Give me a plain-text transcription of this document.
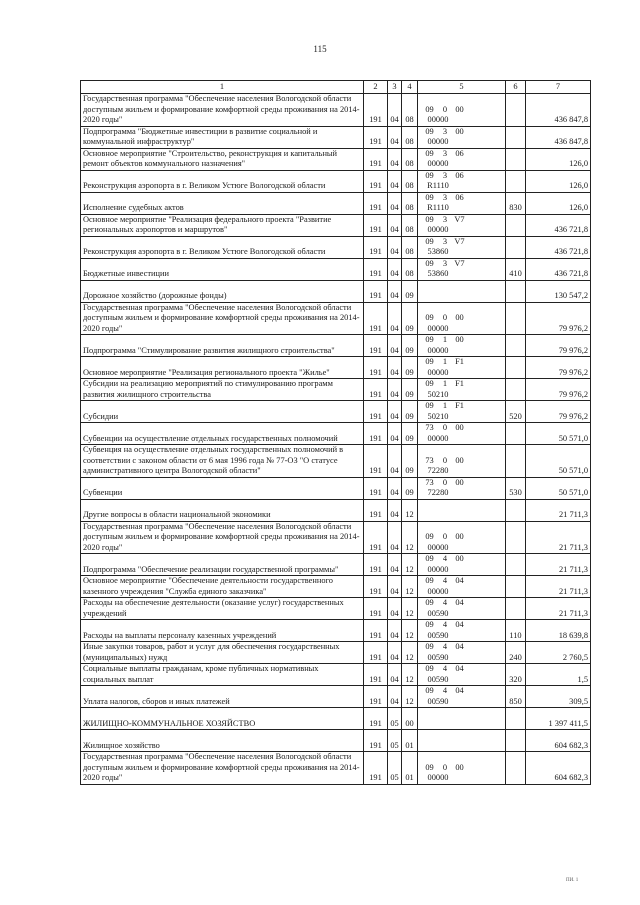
115
1	2	3	4	5	6	7
Государственная программа "Обеспечение населения Вологодской области доступным жильем и формирование комфортной среды проживания на 2014-2020 годы"	191	04	08	09 0 0000000		436 847,8
Подпрограмма "Бюджетные инвестиции в развитие социальной и коммунальной инфраструктур"	191	04	08	09 3 0000000		436 847,8
Основное мероприятие "Строительство, реконструкция и капитальный ремонт объектов коммунального назначения"	191	04	08	09 3 0600000		126,0
Реконструкция аэропорта в г. Великом Устюге Вологодской области	191	04	08	09 3 06R1110		126,0
Исполнение судебных актов	191	04	08	09 3 06R1110	830	126,0
Основное мероприятие "Реализация федерального проекта "Развитие региональных аэропортов и маршрутов"	191	04	08	09 3 V700000		436 721,8
Реконструкция аэропорта в г. Великом Устюге Вологодской области	191	04	08	09 3 V753860		436 721,8
Бюджетные инвестиции	191	04	08	09 3 V753860	410	436 721,8
Дорожное хозяйство (дорожные фонды)	191	04	09			130 547,2
Государственная программа "Обеспечение населения Вологодской области доступным жильем и формирование комфортной среды проживания на 2014-2020 годы"	191	04	09	09 0 0000000		79 976,2
Подпрограмма "Стимулирование развития жилищного строительства"	191	04	09	09 1 0000000		79 976,2
Основное мероприятие "Реализация регионального проекта "Жилье"	191	04	09	09 1 F100000		79 976,2
Субсидии на реализацию мероприятий по стимулированию программ развития жилищного строительства	191	04	09	09 1 F150210		79 976,2
Субсидии	191	04	09	09 1 F150210	520	79 976,2
Субвенции на осуществление отдельных государственных полномочий	191	04	09	73 0 0000000		50 571,0
Субвенция на осуществление отдельных государственных полномочий в соответствии с законом области от 6 мая 1996 года № 77-ОЗ "О статусе административного центра Вологодской области"	191	04	09	73 0 0072280		50 571,0
Субвенции	191	04	09	73 0 0072280	530	50 571,0
Другие вопросы в области национальной экономики	191	04	12			21 711,3
Государственная программа "Обеспечение населения Вологодской области доступным жильем и формирование комфортной среды проживания на 2014-2020 годы"	191	04	12	09 0 0000000		21 711,3
Подпрограмма "Обеспечение реализации государственной программы"	191	04	12	09 4 0000000		21 711,3
Основное мероприятие "Обеспечение деятельности государственного казенного учреждения "Служба единого заказчика"	191	04	12	09 4 0400000		21 711,3
Расходы на обеспечение деятельности (оказание услуг) государственных учреждений	191	04	12	09 4 0400590		21 711,3
Расходы на выплаты персоналу казенных учреждений	191	04	12	09 4 0400590	110	18 639,8
Иные закупки товаров, работ и услуг для обеспечения государственных (муниципальных) нужд	191	04	12	09 4 0400590	240	2 760,5
Социальные выплаты гражданам, кроме публичных нормативных социальных выплат	191	04	12	09 4 0400590	320	1,5
Уплата налогов, сборов и иных платежей	191	04	12	09 4 0400590	850	309,5
ЖИЛИЩНО-КОММУНАЛЬНОЕ ХОЗЯЙСТВО	191	05	00			1 397 411,5
Жилищное хозяйство	191	05	01			604 682,3
Государственная программа "Обеспечение населения Вологодской области доступным жильем и формирование комфортной среды проживания на 2014-2020 годы"	191	05	01	09 0 0000000		604 682,3
ПИ. 1
